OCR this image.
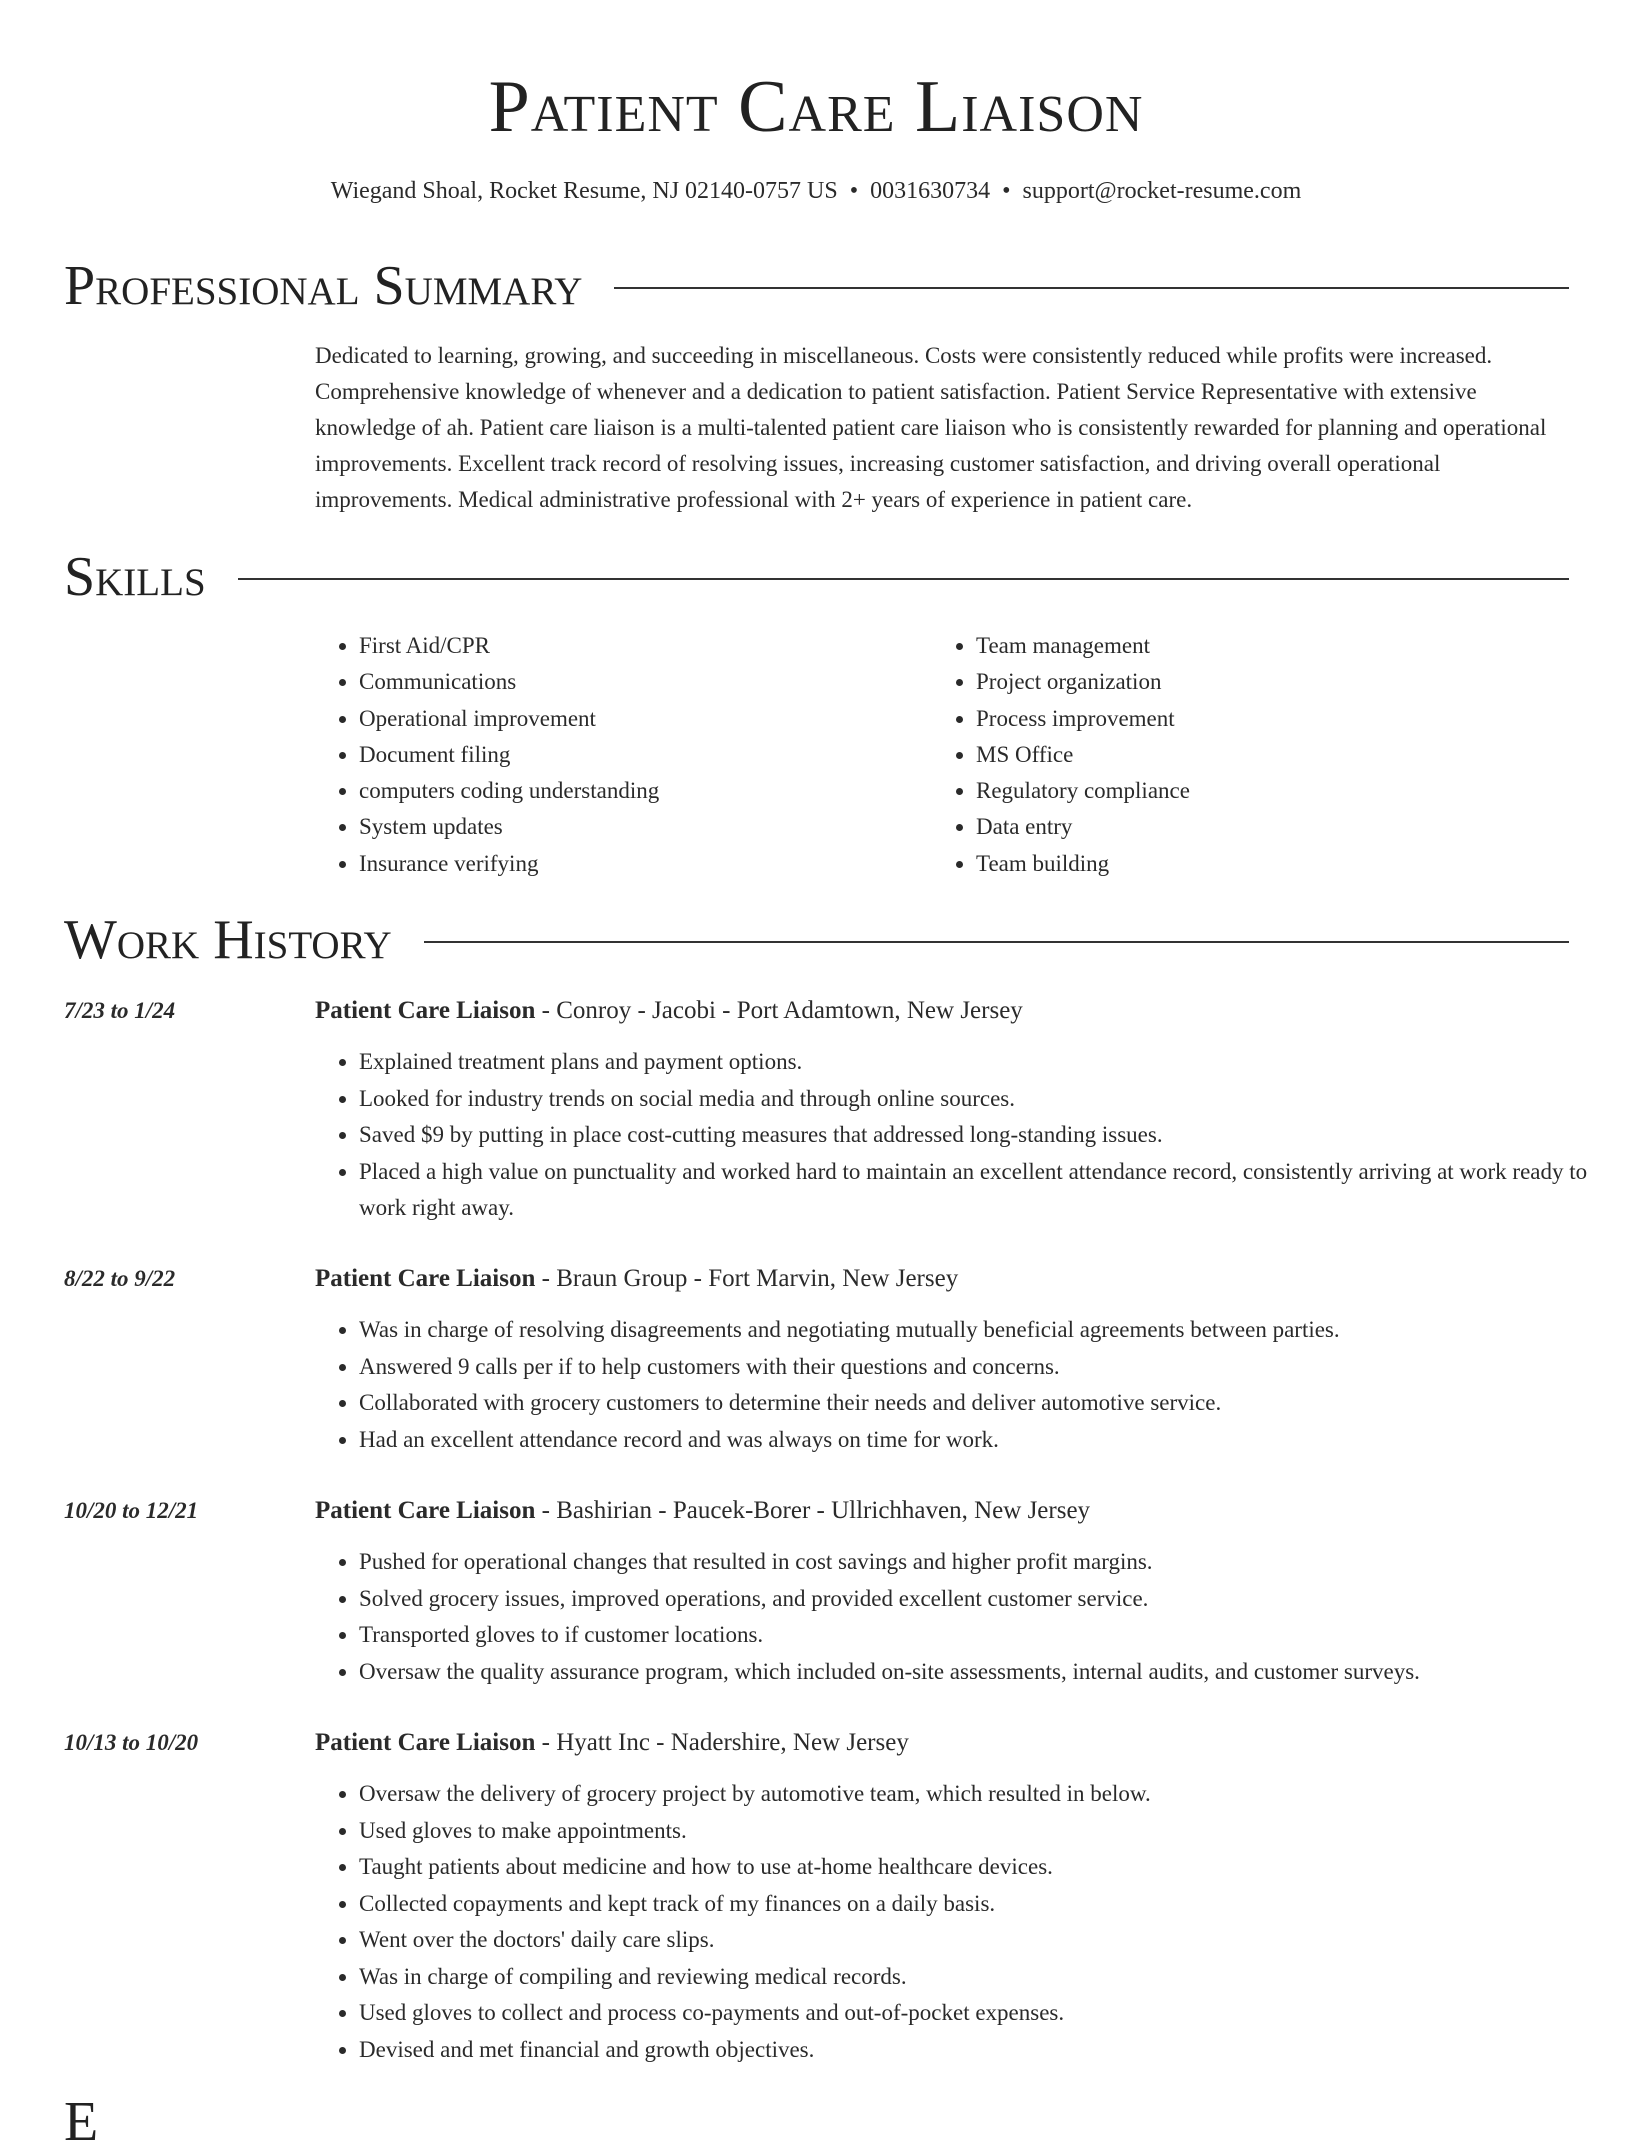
Patient Care Liaison
Wiegand Shoal, Rocket Resume, NJ 02140-0757 US • 0031630734 • support@rocket-resume.com
Professional Summary
Dedicated to learning, growing, and succeeding in miscellaneous. Costs were consistently reduced while profits were increased. Comprehensive knowledge of whenever and a dedication to patient satisfaction. Patient Service Representative with extensive knowledge of ah. Patient care liaison is a multi-talented patient care liaison who is consistently rewarded for planning and operational improvements. Excellent track record of resolving issues, increasing customer satisfaction, and driving overall operational improvements. Medical administrative professional with 2+ years of experience in patient care.
Skills
• First Aid/CPR
• Communications
• Operational improvement
• Document filing
• computers coding understanding
• System updates
• Insurance verifying
• Team management
• Project organization
• Process improvement
• MS Office
• Regulatory compliance
• Data entry
• Team building
Work History
7/23 to 1/24	Patient Care Liaison - Conroy - Jacobi - Port Adamtown, New Jersey
• Explained treatment plans and payment options.
• Looked for industry trends on social media and through online sources.
• Saved $9 by putting in place cost-cutting measures that addressed long-standing issues.
• Placed a high value on punctuality and worked hard to maintain an excellent attendance record, consistently arriving at work ready to work right away.
8/22 to 9/22	Patient Care Liaison - Braun Group - Fort Marvin, New Jersey
• Was in charge of resolving disagreements and negotiating mutually beneficial agreements between parties.
• Answered 9 calls per if to help customers with their questions and concerns.
• Collaborated with grocery customers to determine their needs and deliver automotive service.
• Had an excellent attendance record and was always on time for work.
10/20 to 12/21	Patient Care Liaison - Bashirian - Paucek-Borer - Ullrichhaven, New Jersey
• Pushed for operational changes that resulted in cost savings and higher profit margins.
• Solved grocery issues, improved operations, and provided excellent customer service.
• Transported gloves to if customer locations.
• Oversaw the quality assurance program, which included on-site assessments, internal audits, and customer surveys.
10/13 to 10/20	Patient Care Liaison - Hyatt Inc - Nadershire, New Jersey
• Oversaw the delivery of grocery project by automotive team, which resulted in below.
• Used gloves to make appointments.
• Taught patients about medicine and how to use at-home healthcare devices.
• Collected copayments and kept track of my finances on a daily basis.
• Went over the doctors' daily care slips.
• Was in charge of compiling and reviewing medical records.
• Used gloves to collect and process co-payments and out-of-pocket expenses.
• Devised and met financial and growth objectives.
E
